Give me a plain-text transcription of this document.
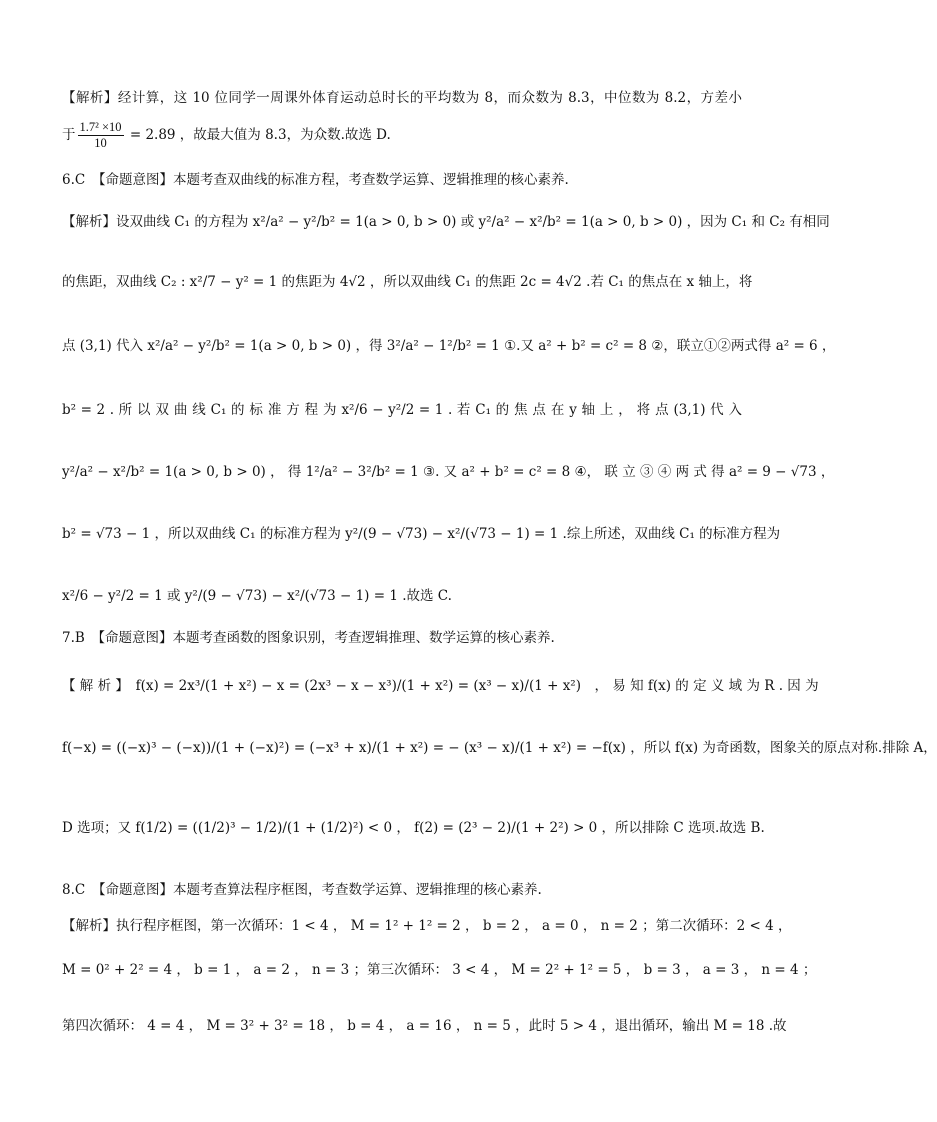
【解析】经计算，这 10 位同学一周课外体育运动总时长的平均数为 8，而众数为 8.3，中位数为 8.2，方差小
6.C　【命题意图】本题考查双曲线的标准方程，考查数学运算、逻辑推理的核心素养.
【解析】设双曲线 C₁ 的方程为 x²/a² − y²/b² = 1(a > 0, b > 0) 或 y²/a² − x²/b² = 1(a > 0, b > 0) ，因为 C₁ 和 C₂ 有相同
的焦距，双曲线 C₂ : x²/7 − y² = 1 的焦距为 4√2 ，所以双曲线 C₁ 的焦距 2c = 4√2 .若 C₁ 的焦点在 x 轴上，将
点 (3,1) 代入 x²/a² − y²/b² = 1(a > 0, b > 0) ，得 3²/a² − 1²/b² = 1 ①.又 a² + b² = c² = 8 ②，联立①②两式得 a² = 6 ，
b² = 2 . 所 以 双 曲 线 C₁ 的 标 准 方 程 为 x²/6 − y²/2 = 1 . 若 C₁ 的 焦 点 在 y 轴 上 ， 将 点 (3,1) 代 入
y²/a² − x²/b² = 1(a > 0, b > 0) ， 得 1²/a² − 3²/b² = 1 ③. 又 a² + b² = c² = 8 ④， 联 立 ③ ④ 两 式 得 a² = 9 − √73 ，
b² = √73 − 1 ，所以双曲线 C₁ 的标准方程为 y²/(9 − √73) − x²/(√73 − 1) = 1 .综上所述，双曲线 C₁ 的标准方程为
x²/6 − y²/2 = 1 或 y²/(9 − √73) − x²/(√73 − 1) = 1 .故选 C.
7.B　【命题意图】本题考查函数的图象识别，考查逻辑推理、数学运算的核心素养.
【 解 析 】　f(x) = 2x³/(1 + x²) − x = (2x³ − x − x³)/(1 + x²) = (x³ − x)/(1 + x²)　， 易 知 f(x) 的 定 义 域 为 R . 因 为
f(−x) = ((−x)³ − (−x))/(1 + (−x)²) = (−x³ + x)/(1 + x²) = − (x³ − x)/(1 + x²) = −f(x) ，所以 f(x) 为奇函数，图象关的原点对称.排除 A，
D 选项；又 f(1/2) = ((1/2)³ − 1/2)/(1 + (1/2)²) < 0 ， f(2) = (2³ − 2)/(1 + 2²) > 0 ，所以排除 C 选项.故选 B.
8.C　【命题意图】本题考查算法程序框图，考查数学运算、逻辑推理的核心素养.
【解析】执行程序框图，第一次循环：1 < 4 ， M = 1² + 1² = 2 ， b = 2 ， a = 0 ， n = 2 ；第二次循环：2 < 4 ，
M = 0² + 2² = 4 ， b = 1 ， a = 2 ， n = 3 ；第三次循环： 3 < 4 ， M = 2² + 1² = 5 ， b = 3 ， a = 3 ， n = 4 ；
第四次循环： 4 = 4 ， M = 3² + 3² = 18 ， b = 4 ， a = 16 ， n = 5 ，此时 5 > 4 ，退出循环，输出 M = 18 .故
于 $\frac{\text{1.7² ×10}}{10} = 2.89$ ，故最大值为 8.3，为众数.故选 D.
